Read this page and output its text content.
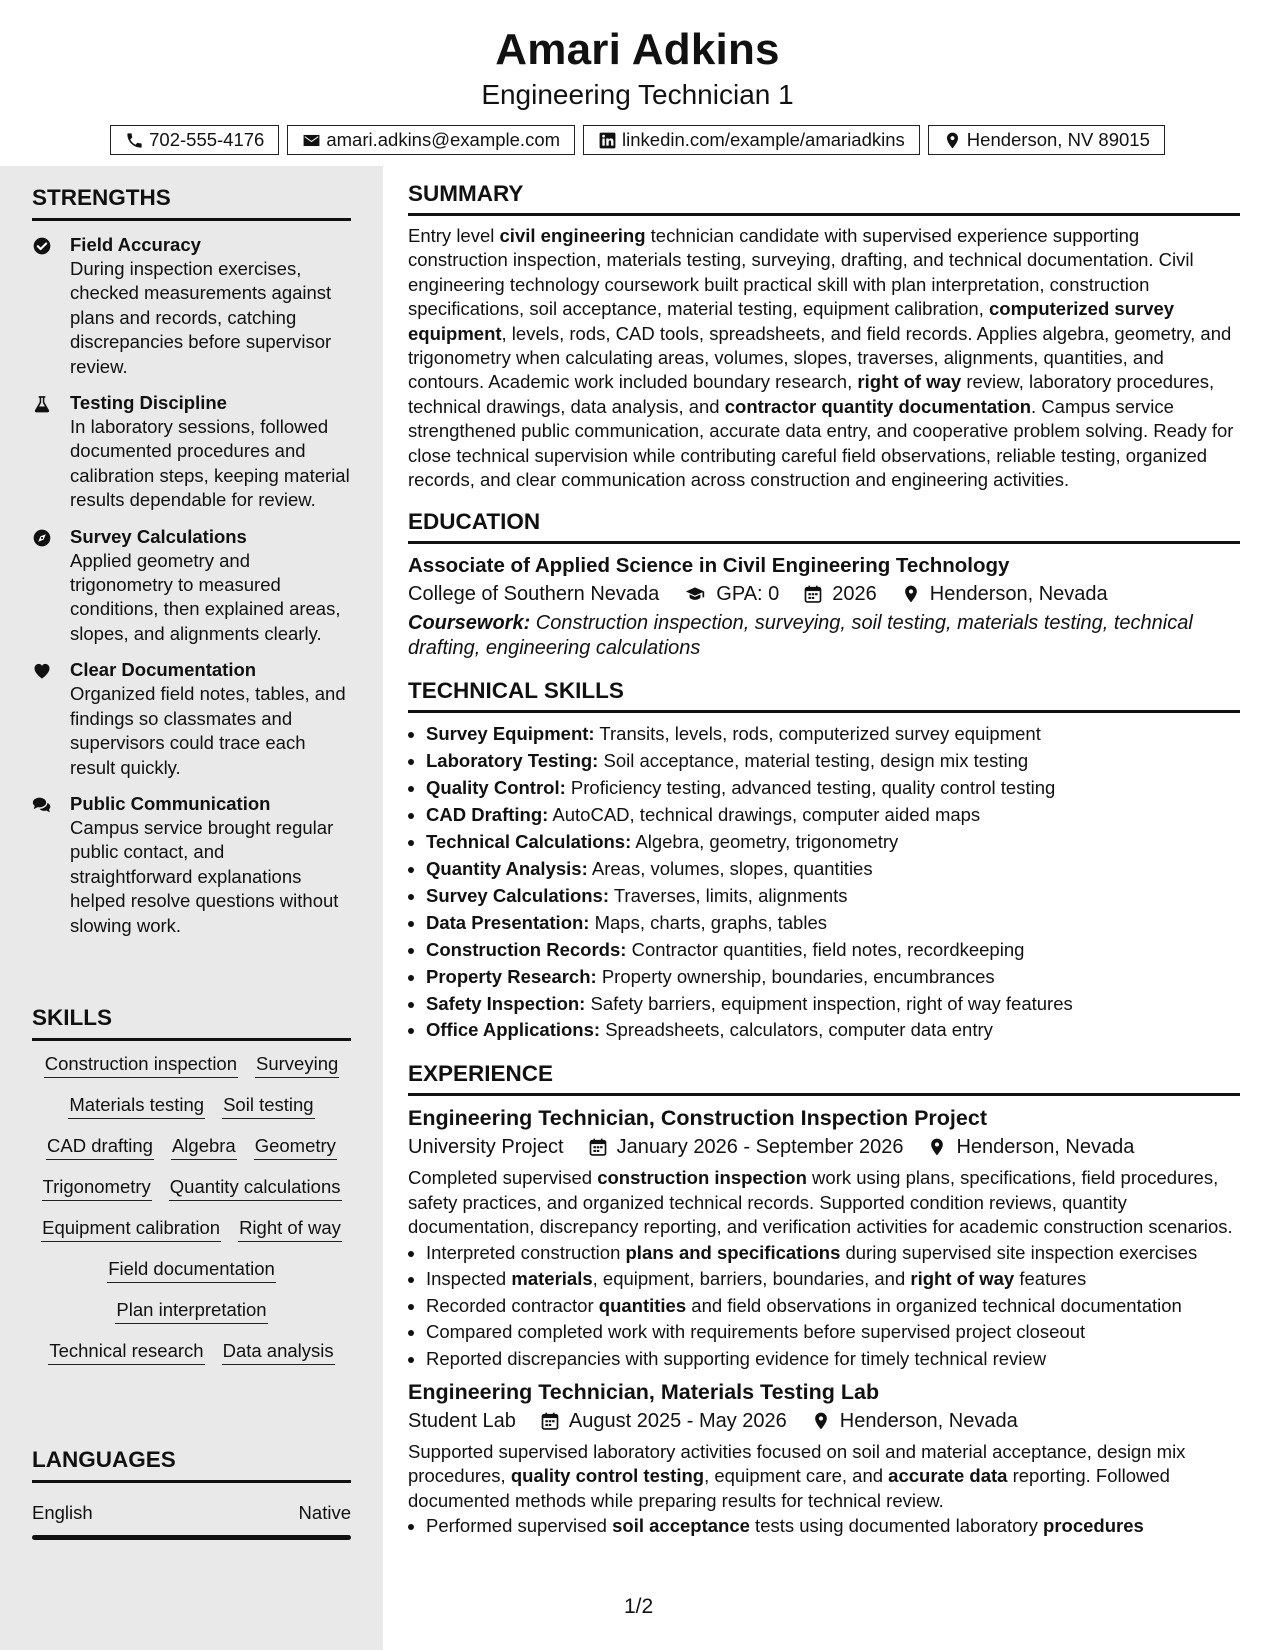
Amari Adkins
Engineering Technician 1
702-555-4176	amari.adkins@example.com	linkedin.com/example/amariadkins	Henderson, NV 89015
STRENGTHS
Field Accuracy
During inspection exercises, checked measurements against plans and records, catching discrepancies before supervisor review.
Testing Discipline
In laboratory sessions, followed documented procedures and calibration steps, keeping material results dependable for review.
Survey Calculations
Applied geometry and trigonometry to measured conditions, then explained areas, slopes, and alignments clearly.
Clear Documentation
Organized field notes, tables, and findings so classmates and supervisors could trace each result quickly.
Public Communication
Campus service brought regular public contact, and straightforward explanations helped resolve questions without slowing work.
SKILLS
Construction inspection Surveying
Materials testing Soil testing
CAD drafting Algebra Geometry
Trigonometry Quantity calculations
Equipment calibration Right of way
Field documentation
Plan interpretation
Technical research Data analysis
LANGUAGES
English	Native
SUMMARY

Entry level civil engineering technician candidate with supervised experience supporting construction inspection, materials testing, surveying, drafting, and technical documentation. Civil engineering technology coursework built practical skill with plan interpretation, construction specifications, soil acceptance, material testing, equipment calibration, computerized survey equipment, levels, rods, CAD tools, spreadsheets, and field records. Applies algebra, geometry, and trigonometry when calculating areas, volumes, slopes, traverses, alignments, quantities, and contours. Academic work included boundary research, right of way review, laboratory procedures, technical drawings, data analysis, and contractor quantity documentation. Campus service strengthened public communication, accurate data entry, and cooperative problem solving. Ready for close technical supervision while contributing careful field observations, reliable testing, organized records, and clear communication across construction and engineering activities.

EDUCATION
Associate of Applied Science in Civil Engineering Technology
College of Southern Nevada	GPA: 0	2026	Henderson, Nevada
Coursework: Construction inspection, surveying, soil testing, materials testing, technical drafting, engineering calculations
TECHNICAL SKILLS
• Survey Equipment: Transits, levels, rods, computerized survey equipment
• Laboratory Testing: Soil acceptance, material testing, design mix testing
• Quality Control: Proficiency testing, advanced testing, quality control testing
• CAD Drafting: AutoCAD, technical drawings, computer aided maps
• Technical Calculations: Algebra, geometry, trigonometry
• Quantity Analysis: Areas, volumes, slopes, quantities
• Survey Calculations: Traverses, limits, alignments
• Data Presentation: Maps, charts, graphs, tables
• Construction Records: Contractor quantities, field notes, recordkeeping
• Property Research: Property ownership, boundaries, encumbrances
• Safety Inspection: Safety barriers, equipment inspection, right of way features
• Office Applications: Spreadsheets, calculators, computer data entry
EXPERIENCE
Engineering Technician, Construction Inspection Project
University Project	January 2026 - September 2026	Henderson, Nevada

Completed supervised construction inspection work using plans, specifications, field procedures, safety practices, and organized technical records. Supported condition reviews, quantity documentation, discrepancy reporting, and verification activities for academic construction scenarios.

• Interpreted construction plans and specifications during supervised site inspection exercises
• Inspected materials, equipment, barriers, boundaries, and right of way features
• Recorded contractor quantities and field observations in organized technical documentation
• Compared completed work with requirements before supervised project closeout
• Reported discrepancies with supporting evidence for timely technical review
Engineering Technician, Materials Testing Lab
Student Lab	August 2025 - May 2026	Henderson, Nevada

Supported supervised laboratory activities focused on soil and material acceptance, design mix procedures, quality control testing, equipment care, and accurate data reporting. Followed documented methods while preparing results for technical review.

• Performed supervised soil acceptance tests using documented laboratory procedures
1/2
